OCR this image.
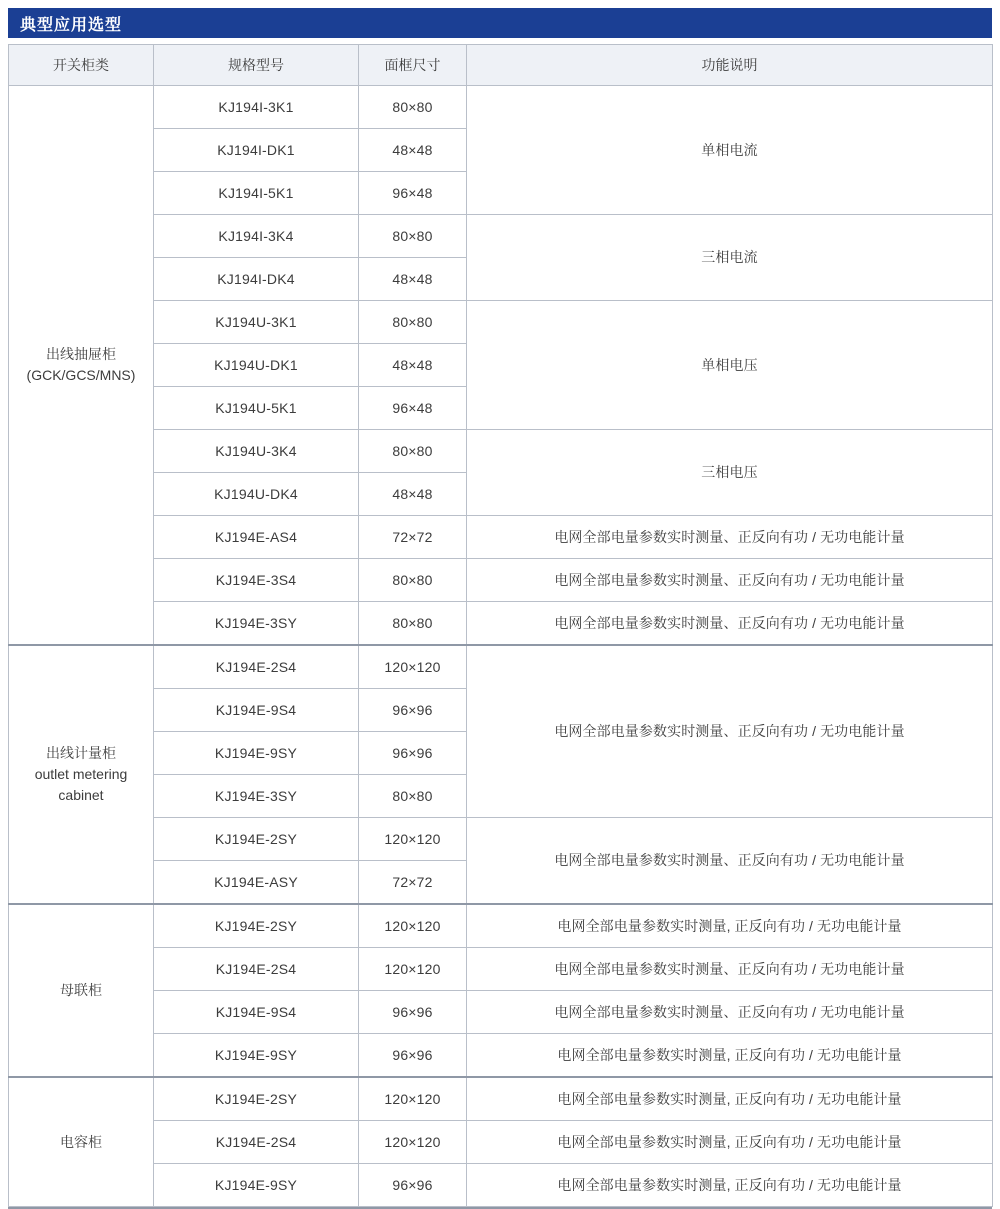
典型应用选型
开关柜类	规格型号	面框尺寸	功能说明

出线抽屉柜
(GCK/GCS/MNS)	KJ194I-3K1	80×80	单相电流
	KJ194I-DK1	48×48	
	KJ194I-5K1	96×48	
	KJ194I-3K4	80×80	三相电流
	KJ194I-DK4	48×48	
	KJ194U-3K1	80×80	单相电压
	KJ194U-DK1	48×48	
	KJ194U-5K1	96×48	
	KJ194U-3K4	80×80	三相电压
	KJ194U-DK4	48×48	
	KJ194E-AS4	72×72	电网全部电量参数实时测量、正反向有功 / 无功电能计量
	KJ194E-3S4	80×80	电网全部电量参数实时测量、正反向有功 / 无功电能计量
	KJ194E-3SY	80×80	电网全部电量参数实时测量、正反向有功 / 无功电能计量

出线计量柜
outlet metering
cabinet	KJ194E-2S4	120×120	电网全部电量参数实时测量、正反向有功 / 无功电能计量
	KJ194E-9S4	96×96	
	KJ194E-9SY	96×96	
	KJ194E-3SY	80×80	
	KJ194E-2SY	120×120	电网全部电量参数实时测量、正反向有功 / 无功电能计量
	KJ194E-ASY	72×72	

母联柜	KJ194E-2SY	120×120	电网全部电量参数实时测量, 正反向有功 / 无功电能计量
	KJ194E-2S4	120×120	电网全部电量参数实时测量、正反向有功 / 无功电能计量
	KJ194E-9S4	96×96	电网全部电量参数实时测量、正反向有功 / 无功电能计量
	KJ194E-9SY	96×96	电网全部电量参数实时测量, 正反向有功 / 无功电能计量

电容柜	KJ194E-2SY	120×120	电网全部电量参数实时测量, 正反向有功 / 无功电能计量
	KJ194E-2S4	120×120	电网全部电量参数实时测量, 正反向有功 / 无功电能计量
	KJ194E-9SY	96×96	电网全部电量参数实时测量, 正反向有功 / 无功电能计量
